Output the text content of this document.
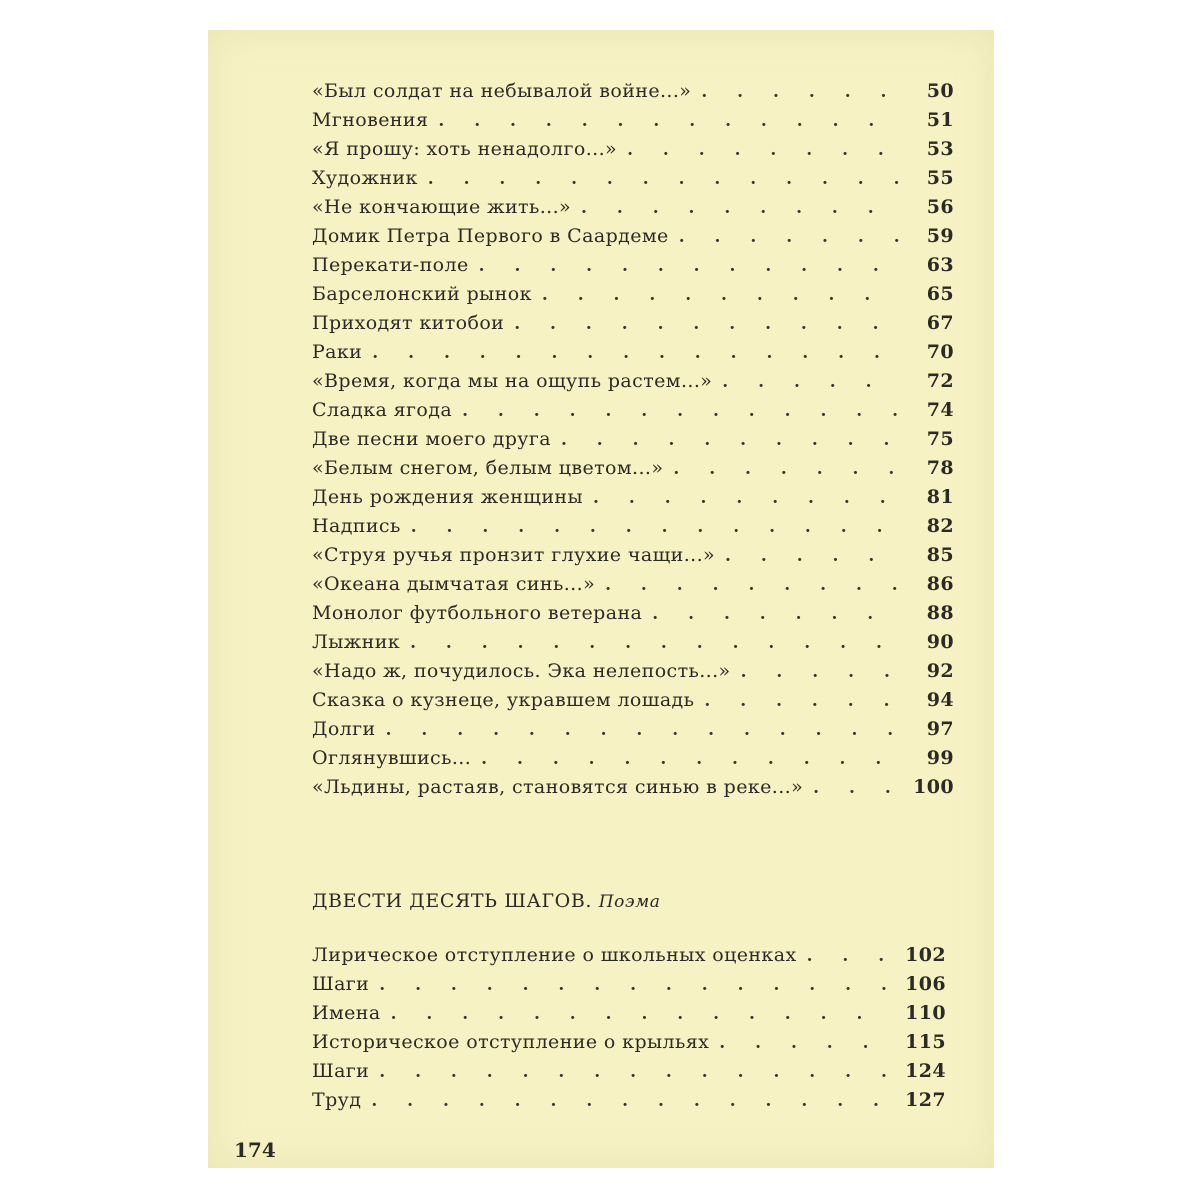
«Был солдат на небывалой войне...» . . .	50
Мгновения . . .	51
«Я прошу: хоть ненадолго...» . . .	53
Художник . . .	55
«Не кончающие жить...» . . .	56
Домик Петра Первого в Саардеме . . .	59
Перекати-поле . . .	63
Барселонский рынок . . .	65
Приходят китобои . . .	67
Раки . . .	70
«Время, когда мы на ощупь растем...» . . .	72
Сладка ягода . . .	74
Две песни моего друга . . .	75
«Белым снегом, белым цветом...» . . .	78
День рождения женщины . . .	81
Надпись . . .	82
«Струя ручья пронзит глухие чащи...» . . .	85
«Океана дымчатая синь...» . . .	86
Монолог футбольного ветерана . . .	88
Лыжник . . .	90
«Надо ж, почудилось. Эка нелепость...» . . .	92
Сказка о кузнеце, укравшем лошадь . . .	94
Долги . . .	97
Оглянувшись... . . .	99
«Льдины, растаяв, становятся синью в реке...» . . .	100
ДВЕСТИ ДЕСЯТЬ ШАГОВ. Поэма
Лирическое отступление о школьных оценках . . .	102
Шаги . . .	106
Имена . . .	110
Историческое отступление о крыльях . . .	115
Шаги . . .	124
Труд . . .	127
174
